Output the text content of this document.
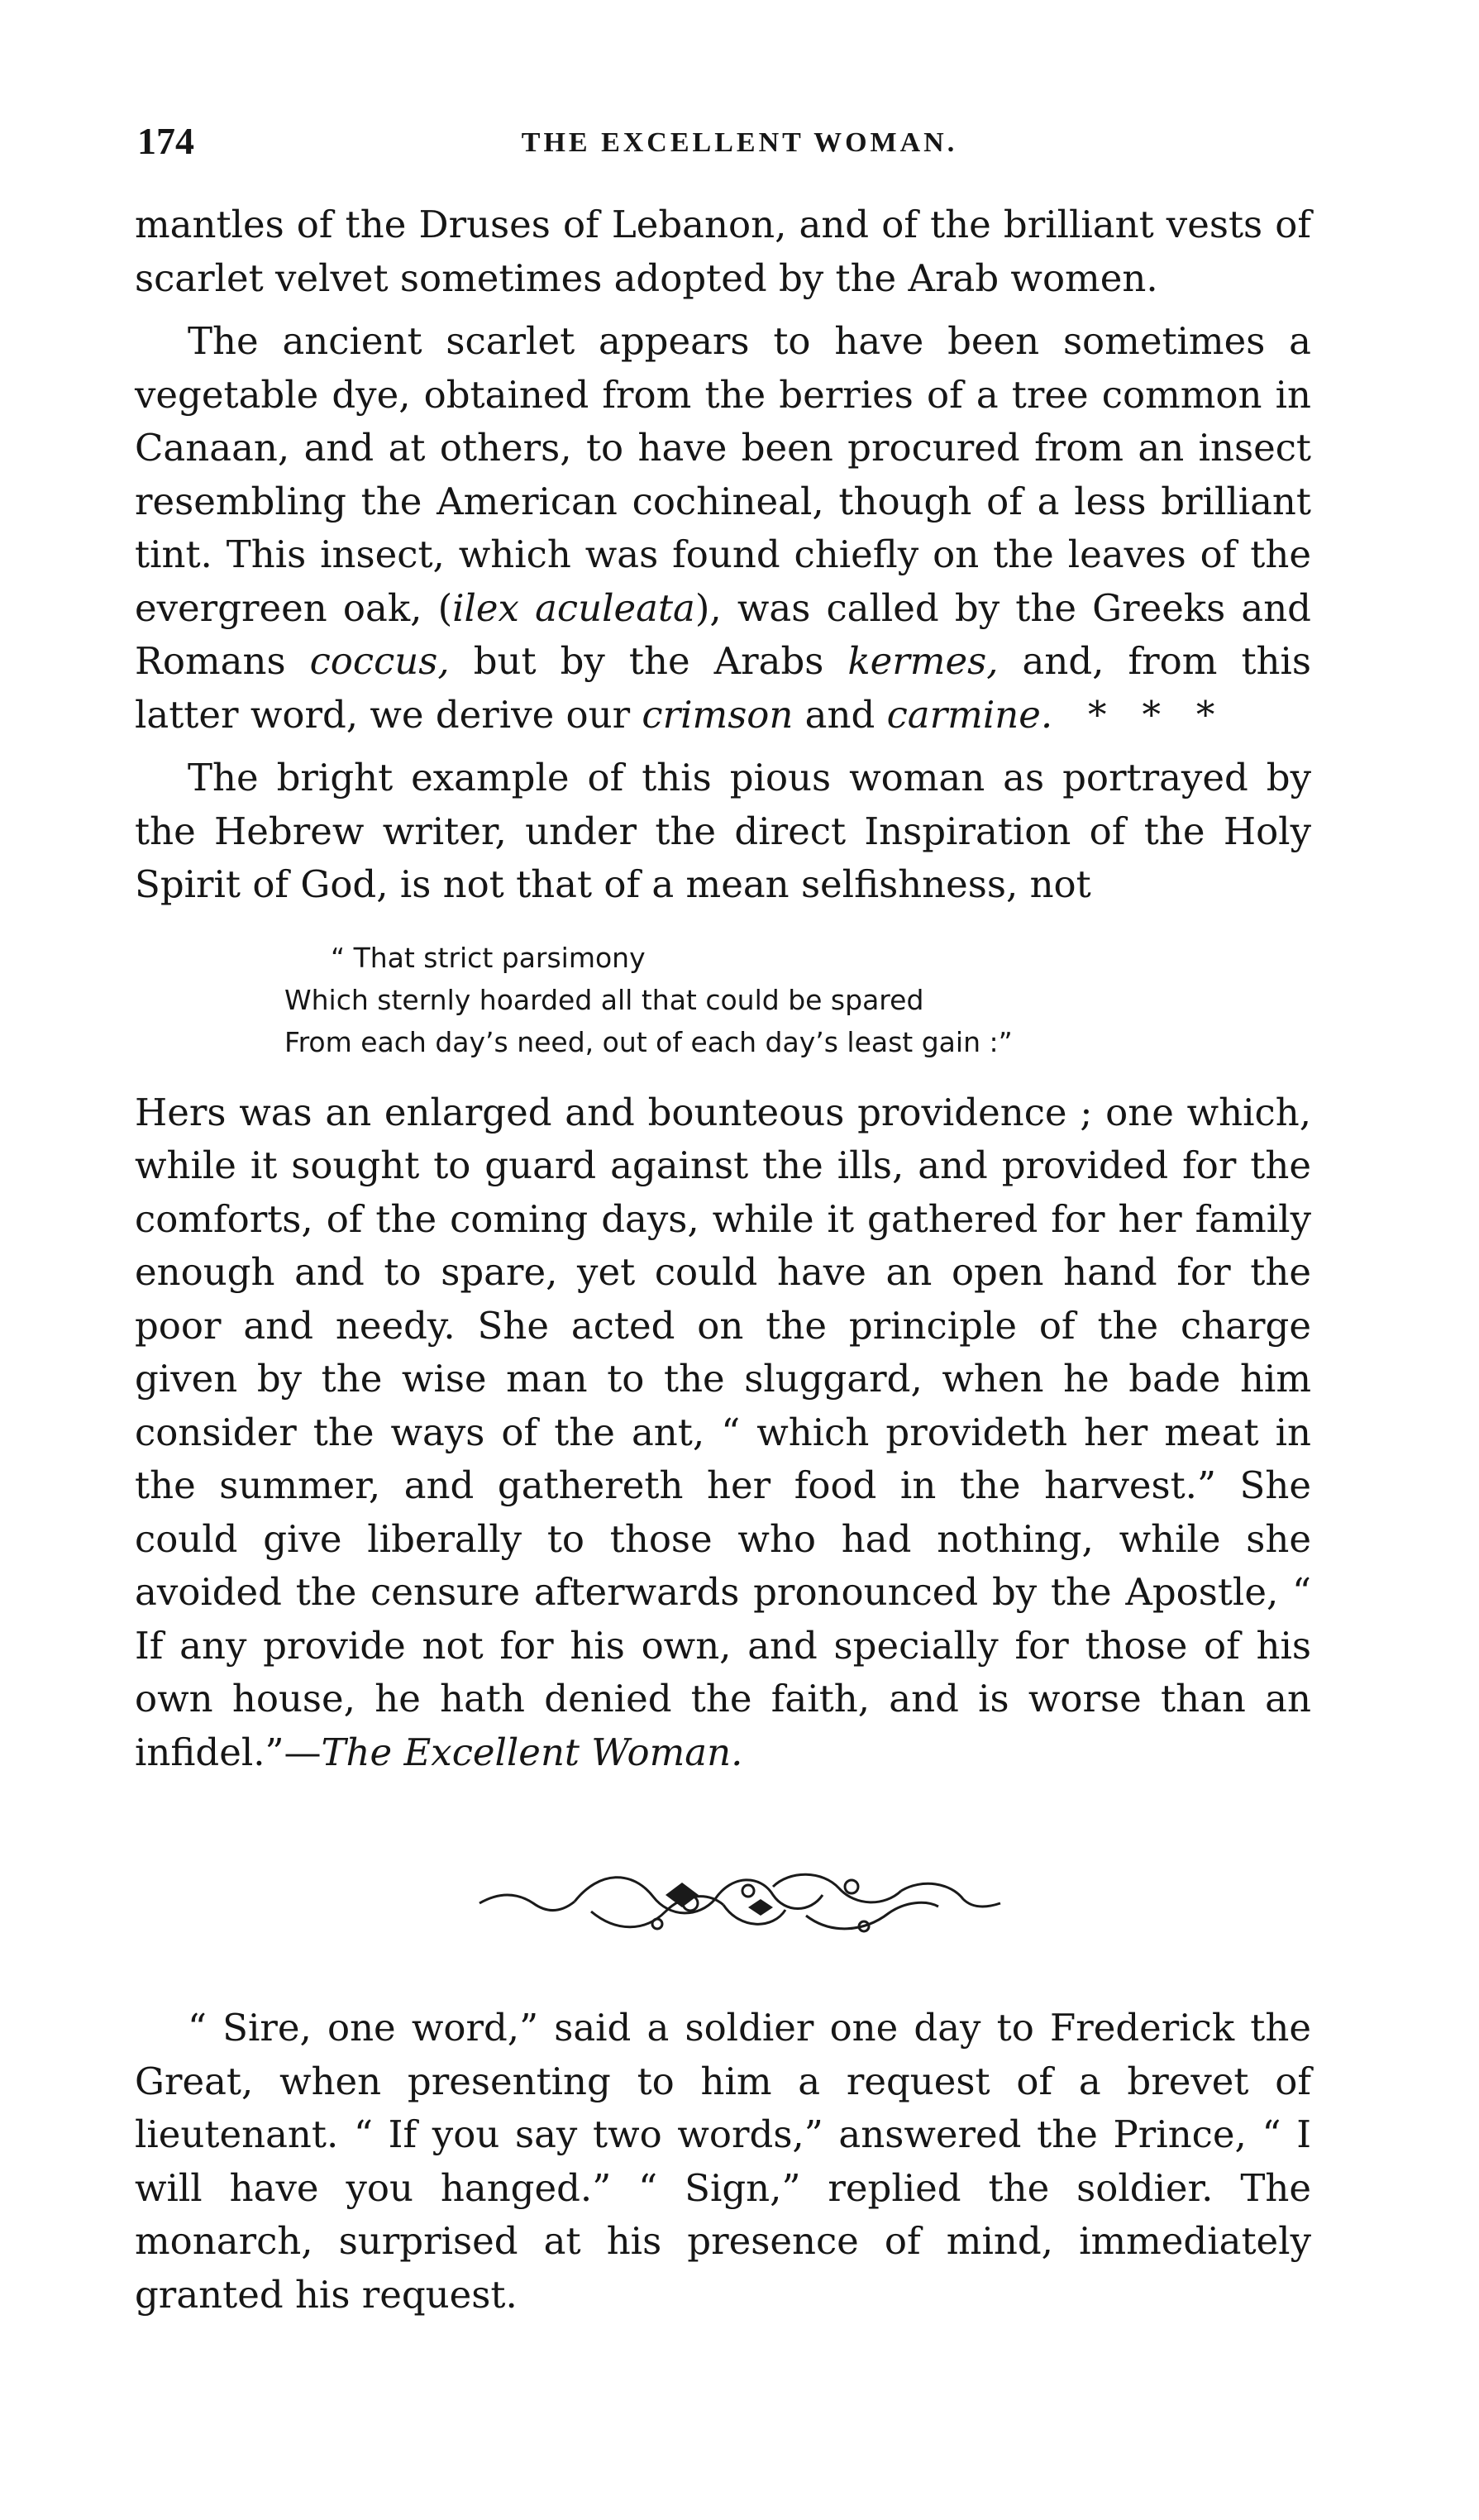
174	THE EXCELLENT WOMAN.

mantles of the Druses of Lebanon, and of the brilliant vests of scarlet velvet sometimes adopted by the Arab women.

The ancient scarlet appears to have been sometimes a vegetable dye, obtained from the berries of a tree common in Canaan, and at others, to have been procured from an insect resembling the American cochineal, though of a less brilliant tint. This insect, which was found chiefly on the leaves of the evergreen oak, (ilex aculeata), was called by the Greeks and Romans coccus, but by the Arabs kermes, and, from this latter word, we derive our crimson and carmine.   *   *   *

The bright example of this pious woman as portrayed by the Hebrew writer, under the direct Inspiration of the Holy Spirit of God, is not that of a mean selfishness, not

“ That strict parsimony
Which sternly hoarded all that could be spared
From each day’s need, out of each day’s least gain :”

Hers was an enlarged and bounteous providence ; one which, while it sought to guard against the ills, and provided for the comforts, of the coming days, while it gathered for her family enough and to spare, yet could have an open hand for the poor and needy. She acted on the principle of the charge given by the wise man to the sluggard, when he bade him consider the ways of the ant, “ which provideth her meat in the summer, and gathereth her food in the harvest.” She could give liberally to those who had nothing, while she avoided the censure afterwards pronounced by the Apostle, “ If any provide not for his own, and specially for those of his own house, he hath denied the faith, and is worse than an infidel.”—The Excellent Woman.

“ Sire, one word,” said a soldier one day to Frederick the Great, when presenting to him a request of a brevet of lieutenant. “ If you say two words,” answered the Prince, “ I will have you hanged.” “ Sign,” replied the soldier. The monarch, surprised at his presence of mind, immediately granted his request.
